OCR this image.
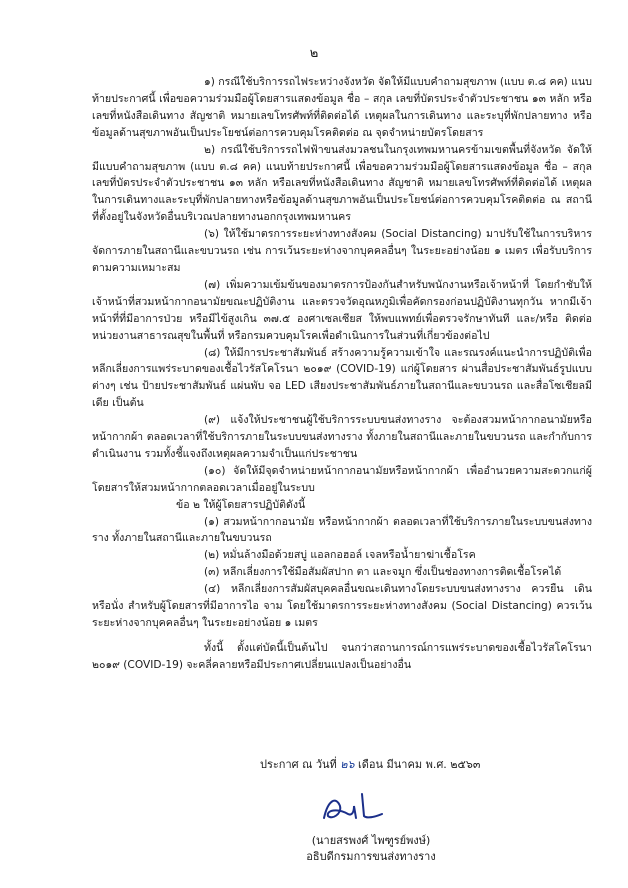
๒

๑) กรณีใช้บริการรถไฟระหว่างจังหวัด จัดให้มีแบบคำถามสุขภาพ (แบบ ต.๘ คค) แนบท้ายประกาศนี้ เพื่อขอความร่วมมือผู้โดยสารแสดงข้อมูล ชื่อ – สกุล เลขที่บัตรประจำตัวประชาชน ๑๓ หลัก หรือเลขที่หนังสือเดินทาง สัญชาติ หมายเลขโทรศัพท์ที่ติดต่อได้ เหตุผลในการเดินทาง และระบุที่พักปลายทาง หรือข้อมูลด้านสุขภาพอันเป็นประโยชน์ต่อการควบคุมโรคติดต่อ ณ จุดจำหน่ายบัตรโดยสาร

๒) กรณีใช้บริการรถไฟฟ้าขนส่งมวลชนในกรุงเทพมหานครข้ามเขตพื้นที่จังหวัด จัดให้มีแบบคำถามสุขภาพ (แบบ ต.๘ คค) แนบท้ายประกาศนี้ เพื่อขอความร่วมมือผู้โดยสารแสดงข้อมูล ชื่อ – สกุล เลขที่บัตรประจำตัวประชาชน ๑๓ หลัก หรือเลขที่หนังสือเดินทาง สัญชาติ หมายเลขโทรศัพท์ที่ติดต่อได้ เหตุผลในการเดินทางและระบุที่พักปลายทางหรือข้อมูลด้านสุขภาพอันเป็นประโยชน์ต่อการควบคุมโรคติดต่อ ณ สถานีที่ตั้งอยู่ในจังหวัดอื่นบริเวณปลายทางนอกกรุงเทพมหานคร

(๖) ให้ใช้มาตรการระยะห่างทางสังคม (Social Distancing) มาปรับใช้ในการบริหารจัดการภายในสถานีและขบวนรถ เช่น การเว้นระยะห่างจากบุคคลอื่นๆ ในระยะอย่างน้อย ๑ เมตร เพื่อรับบริการตามความเหมาะสม

(๗) เพิ่มความเข้มข้นของมาตรการป้องกันสำหรับพนักงานหรือเจ้าหน้าที่ โดยกำชับให้เจ้าหน้าที่สวมหน้ากากอนามัยขณะปฏิบัติงาน และตรวจวัดอุณหภูมิเพื่อคัดกรองก่อนปฏิบัติงานทุกวัน หากมีเจ้าหน้าที่ที่มีอาการป่วย หรือมีไข้สูงเกิน ๓๗.๕ องศาเซลเซียส ให้พบแพทย์เพื่อตรวจรักษาทันที และ/หรือ ติดต่อหน่วยงานสาธารณสุขในพื้นที่ หรือกรมควบคุมโรคเพื่อดำเนินการในส่วนที่เกี่ยวข้องต่อไป

(๘) ให้มีการประชาสัมพันธ์ สร้างความรู้ความเข้าใจ และรณรงค์แนะนำการปฏิบัติเพื่อหลีกเลี่ยงการแพร่ระบาดของเชื้อไวรัสโคโรนา ๒๐๑๙ (COVID-19) แก่ผู้โดยสาร ผ่านสื่อประชาสัมพันธ์รูปแบบต่างๆ เช่น ป้ายประชาสัมพันธ์ แผ่นพับ จอ LED เสียงประชาสัมพันธ์ภายในสถานีและขบวนรถ และสื่อโซเชียลมีเดีย เป็นต้น

(๙) แจ้งให้ประชาชนผู้ใช้บริการระบบขนส่งทางราง จะต้องสวมหน้ากากอนามัยหรือหน้ากากผ้า ตลอดเวลาที่ใช้บริการภายในระบบขนส่งทางราง ทั้งภายในสถานีและภายในขบวนรถ และกำกับการดำเนินงาน รวมทั้งชี้แจงถึงเหตุผลความจำเป็นแก่ประชาชน

(๑๐) จัดให้มีจุดจำหน่ายหน้ากากอนามัยหรือหน้ากากผ้า เพื่ออำนวยความสะดวกแก่ผู้โดยสารให้สวมหน้ากากตลอดเวลาเมื่ออยู่ในระบบ

ข้อ ๒ ให้ผู้โดยสารปฏิบัติดังนี้

(๑) สวมหน้ากากอนามัย หรือหน้ากากผ้า ตลอดเวลาที่ใช้บริการภายในระบบขนส่งทางราง ทั้งภายในสถานีและภายในขบวนรถ

(๒) หมั่นล้างมือด้วยสบู่ แอลกอฮอล์ เจลหรือน้ำยาฆ่าเชื้อโรค

(๓) หลีกเลี่ยงการใช้มือสัมผัสปาก ตา และจมูก ซึ่งเป็นช่องทางการติดเชื้อโรคได้

(๔) หลีกเลี่ยงการสัมผัสบุคคลอื่นขณะเดินทางโดยระบบขนส่งทางราง ควรยืน เดิน หรือนั่ง สำหรับผู้โดยสารที่มีอาการไอ จาม โดยใช้มาตรการระยะห่างทางสังคม (Social Distancing) ควรเว้นระยะห่างจากบุคคลอื่นๆ ในระยะอย่างน้อย ๑ เมตร

ทั้งนี้ ตั้งแต่บัดนี้เป็นต้นไป จนกว่าสถานการณ์การแพร่ระบาดของเชื้อไวรัสโคโรนา ๒๐๑๙ (COVID-19) จะคลี่คลายหรือมีประกาศเปลี่ยนแปลงเป็นอย่างอื่น

ประกาศ ณ วันที่ ๒๖ เดือน มีนาคม พ.ศ. ๒๕๖๓
(นายสรพงศ์ ไพฑูรย์พงษ์)
อธิบดีกรมการขนส่งทางราง
